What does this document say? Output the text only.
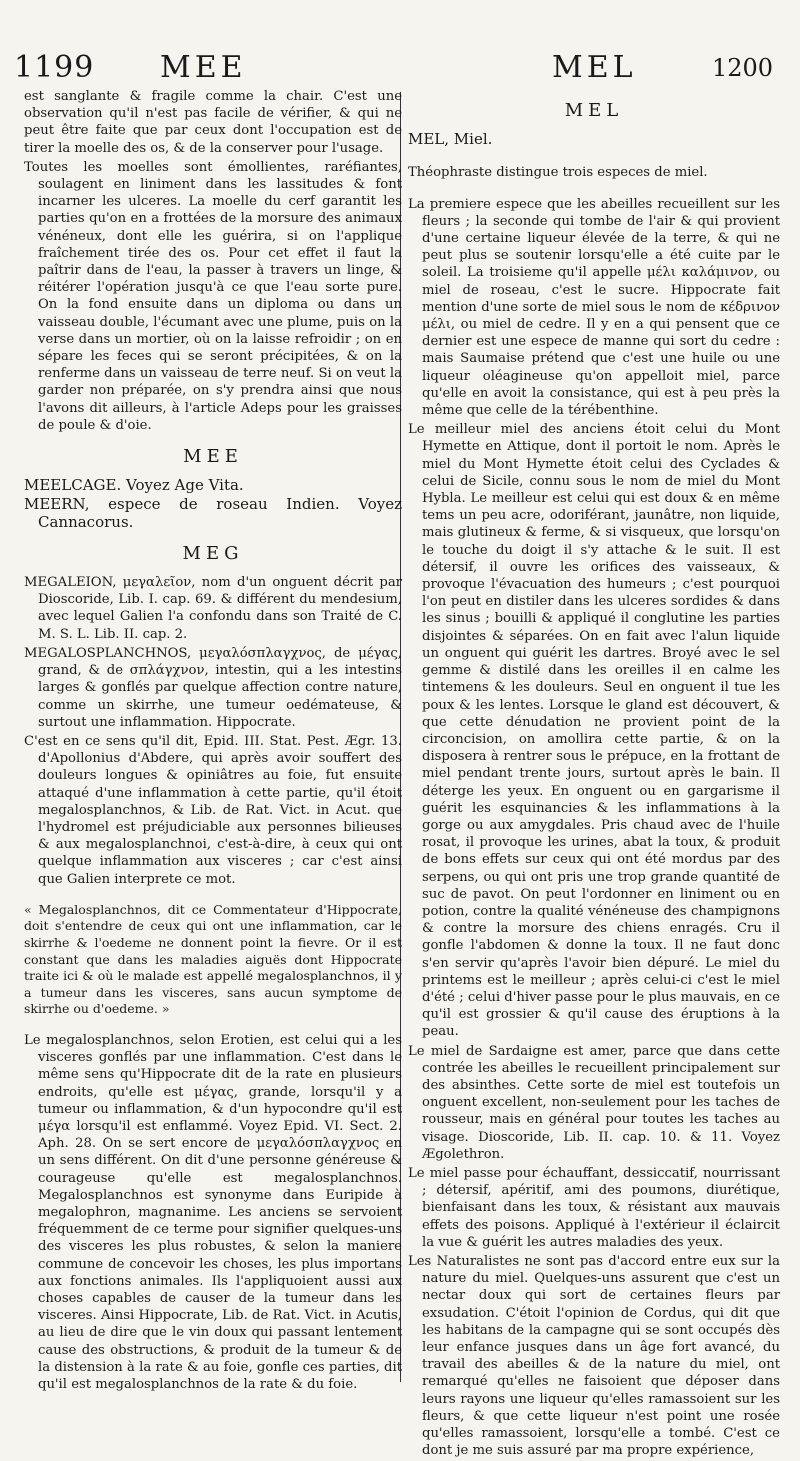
1199 MEE	MEL	1200

est sanglante & fragile comme la chair. C'est une observation qu'il n'est pas facile de vérifier, & qui ne peut être faite que par ceux dont l'occupation est de tirer la moelle des os, & de la conserver pour l'usage.

Toutes les moelles sont émollientes, raréfiantes, soulagent en liniment dans les lassitudes & font incarner les ulceres. La moelle du cerf garantit les parties qu'on en a frottées de la morsure des animaux vénéneux, dont elle les guérira, si on l'applique fraîchement tirée des os. Pour cet effet il faut la paîtrir dans de l'eau, la passer à travers un linge, & réitérer l'opération jusqu'à ce que l'eau sorte pure. On la fond ensuite dans un diploma ou dans un vaisseau double, l'écumant avec une plume, puis on la verse dans un mortier, où on la laisse refroidir ; on en sépare les feces qui se seront précipitées, & on la renferme dans un vaisseau de terre neuf. Si on veut la garder non préparée, on s'y prendra ainsi que nous l'avons dit ailleurs, à l'article Adeps pour les graisses de poule & d'oie.

MEE

MEELCAGE. Voyez Age Vita.

MEERN, espece de roseau Indien. Voyez Cannacorus.

MEG

MEGALEION, μεγαλεῖον, nom d'un onguent décrit par Dioscoride, Lib. I. cap. 69. & différent du mendesium, avec lequel Galien l'a confondu dans son Traité de C. M. S. L. Lib. II. cap. 2.

MEGALOSPLANCHNOS, μεγαλόσπλαγχνος, de μέγας, grand, & de σπλάγχνον, intestin, qui a les intestins larges & gonflés par quelque affection contre nature, comme un skirrhe, une tumeur oedémateuse, & surtout une inflammation. Hippocrate.

C'est en ce sens qu'il dit, Epid. III. Stat. Pest. Ægr. 13. d'Apollonius d'Abdere, qui après avoir souffert des douleurs longues & opiniâtres au foie, fut ensuite attaqué d'une inflammation à cette partie, qu'il étoit megalosplanchnos, & Lib. de Rat. Vict. in Acut. que l'hydromel est préjudiciable aux personnes bilieuses & aux megalosplanchnoi, c'est-à-dire, à ceux qui ont quelque inflammation aux visceres ; car c'est ainsi que Galien interprete ce mot.

« Megalosplanchnos, dit ce Commentateur d'Hippocrate, doit s'entendre de ceux qui ont une inflammation, car le skirrhe & l'oedeme ne donnent point la fievre. Or il est constant que dans les maladies aiguës dont Hippocrate traite ici & où le malade est appellé megalosplanchnos, il y a tumeur dans les visceres, sans aucun symptome de skirrhe ou d'oedeme. »

Le megalosplanchnos, selon Erotien, est celui qui a les visceres gonflés par une inflammation. C'est dans le même sens qu'Hippocrate dit de la rate en plusieurs endroits, qu'elle est μέγας, grande, lorsqu'il y a tumeur ou inflammation, & d'un hypocondre qu'il est μέγα lorsqu'il est enflammé. Voyez Epid. VI. Sect. 2. Aph. 28. On se sert encore de μεγαλόσπλαγχνος en un sens différent. On dit d'une personne généreuse & courageuse qu'elle est megalosplanchnos. Megalosplanchnos est synonyme dans Euripide à megalophron, magnanime. Les anciens se servoient fréquemment de ce terme pour signifier quelques-uns des visceres les plus robustes, & selon la maniere commune de concevoir les choses, les plus importans aux fonctions animales. Ils l'appliquoient aussi aux choses capables de causer de la tumeur dans les visceres. Ainsi Hippocrate, Lib. de Rat. Vict. in Acutis, au lieu de dire que le vin doux qui passant lentement cause des obstructions, & produit de la tumeur & de la distension à la rate & au foie, gonfle ces parties, dit qu'il est megalosplanchnos de la rate & du foie.

MEL

MEL, Miel.

Théophraste distingue trois especes de miel.

La premiere espece que les abeilles recueillent sur les fleurs ; la seconde qui tombe de l'air & qui provient d'une certaine liqueur élevée de la terre, & qui ne peut plus se soutenir lorsqu'elle a été cuite par le soleil. La troisieme qu'il appelle μέλι καλάμινον, ou miel de roseau, c'est le sucre. Hippocrate fait mention d'une sorte de miel sous le nom de κέδρινον μέλι, ou miel de cedre. Il y en a qui pensent que ce dernier est une espece de manne qui sort du cedre : mais Saumaise prétend que c'est une huile ou une liqueur oléagineuse qu'on appelloit miel, parce qu'elle en avoit la consistance, qui est à peu près la même que celle de la térébenthine.

Le meilleur miel des anciens étoit celui du Mont Hymette en Attique, dont il portoit le nom. Après le miel du Mont Hymette étoit celui des Cyclades & celui de Sicile, connu sous le nom de miel du Mont Hybla. Le meilleur est celui qui est doux & en même tems un peu acre, odoriférant, jaunâtre, non liquide, mais glutineux & ferme, & si visqueux, que lorsqu'on le touche du doigt il s'y attache & le suit. Il est détersif, il ouvre les orifices des vaisseaux, & provoque l'évacuation des humeurs ; c'est pourquoi l'on peut en distiler dans les ulceres sordides & dans les sinus ; bouilli & appliqué il conglutine les parties disjointes & séparées. On en fait avec l'alun liquide un onguent qui guérit les dartres. Broyé avec le sel gemme & distilé dans les oreilles il en calme les tintemens & les douleurs. Seul en onguent il tue les poux & les lentes. Lorsque le gland est découvert, & que cette dénudation ne provient point de la circoncision, on amollira cette partie, & on la disposera à rentrer sous le prépuce, en la frottant de miel pendant trente jours, surtout après le bain. Il déterge les yeux. En onguent ou en gargarisme il guérit les esquinancies & les inflammations à la gorge ou aux amygdales. Pris chaud avec de l'huile rosat, il provoque les urines, abat la toux, & produit de bons effets sur ceux qui ont été mordus par des serpens, ou qui ont pris une trop grande quantité de suc de pavot. On peut l'ordonner en liniment ou en potion, contre la qualité vénéneuse des champignons & contre la morsure des chiens enragés. Cru il gonfle l'abdomen & donne la toux. Il ne faut donc s'en servir qu'après l'avoir bien dépuré. Le miel du printems est le meilleur ; après celui-ci c'est le miel d'été ; celui d'hiver passe pour le plus mauvais, en ce qu'il est grossier & qu'il cause des éruptions à la peau.

Le miel de Sardaigne est amer, parce que dans cette contrée les abeilles le recueillent principalement sur des absinthes. Cette sorte de miel est toutefois un onguent excellent, non-seulement pour les taches de rousseur, mais en général pour toutes les taches au visage. Dioscoride, Lib. II. cap. 10. & 11. Voyez Ægolethron.

Le miel passe pour échauffant, dessiccatif, nourrissant ; détersif, apéritif, ami des poumons, diurétique, bienfaisant dans les toux, & résistant aux mauvais effets des poisons. Appliqué à l'extérieur il éclaircit la vue & guérit les autres maladies des yeux.

Les Naturalistes ne sont pas d'accord entre eux sur la nature du miel. Quelques-uns assurent que c'est un nectar doux qui sort de certaines fleurs par exsudation. C'étoit l'opinion de Cordus, qui dit que les habitans de la campagne qui se sont occupés dès leur enfance jusques dans un âge fort avancé, du travail des abeilles & de la nature du miel, ont remarqué qu'elles ne faisoient que déposer dans leurs rayons une liqueur qu'elles ramassoient sur les fleurs, & que cette liqueur n'est point une rosée qu'elles ramassoient, lorsqu'elle a tombé. C'est ce dont je me suis assuré par ma propre expérience,
